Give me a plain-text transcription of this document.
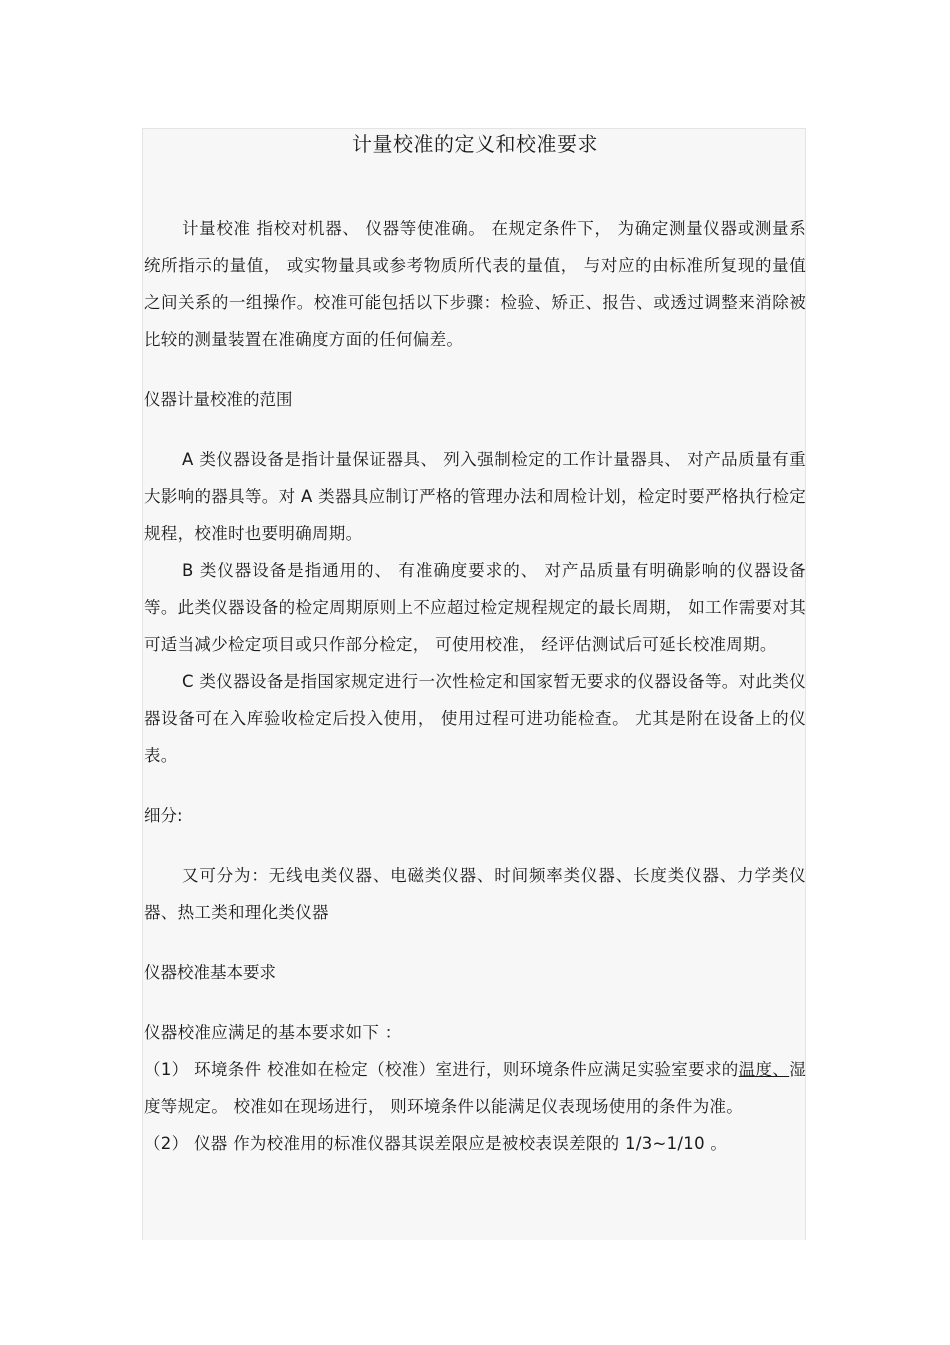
计量校准的定义和校准要求

计量校准 指校对机器、 仪器等使准确。 在规定条件下， 为确定测量仪器或测量系统所指示的量值， 或实物量具或参考物质所代表的量值， 与对应的由标准所复现的量值之间关系的一组操作。校准可能包括以下步骤：检验、矫正、报告、或透过调整来消除被比较的测量装置在准确度方面的任何偏差。

仪器计量校准的范围

A 类仪器设备是指计量保证器具、 列入强制检定的工作计量器具、 对产品质量有重大影响的器具等。对 A 类器具应制订严格的管理办法和周检计划，检定时要严格执行检定规程，校准时也要明确周期。

B 类仪器设备是指通用的、 有准确度要求的、 对产品质量有明确影响的仪器设备等。此类仪器设备的检定周期原则上不应超过检定规程规定的最长周期， 如工作需要对其可适当减少检定项目或只作部分检定， 可使用校准， 经评估测试后可延长校准周期。

C 类仪器设备是指国家规定进行一次性检定和国家暂无要求的仪器设备等。对此类仪器设备可在入库验收检定后投入使用， 使用过程可进功能检查。 尤其是附在设备上的仪表。

细分:

又可分为：无线电类仪器、电磁类仪器、时间频率类仪器、长度类仪器、力学类仪器、热工类和理化类仪器

仪器校准基本要求

仪器校准应满足的基本要求如下 ：

（1） 环境条件 校准如在检定（校准）室进行，则环境条件应满足实验室要求的温度、湿度等规定。 校准如在现场进行， 则环境条件以能满足仪表现场使用的条件为准。

（2） 仪器 作为校准用的标准仪器其误差限应是被校表误差限的 1/3~1/10 。
